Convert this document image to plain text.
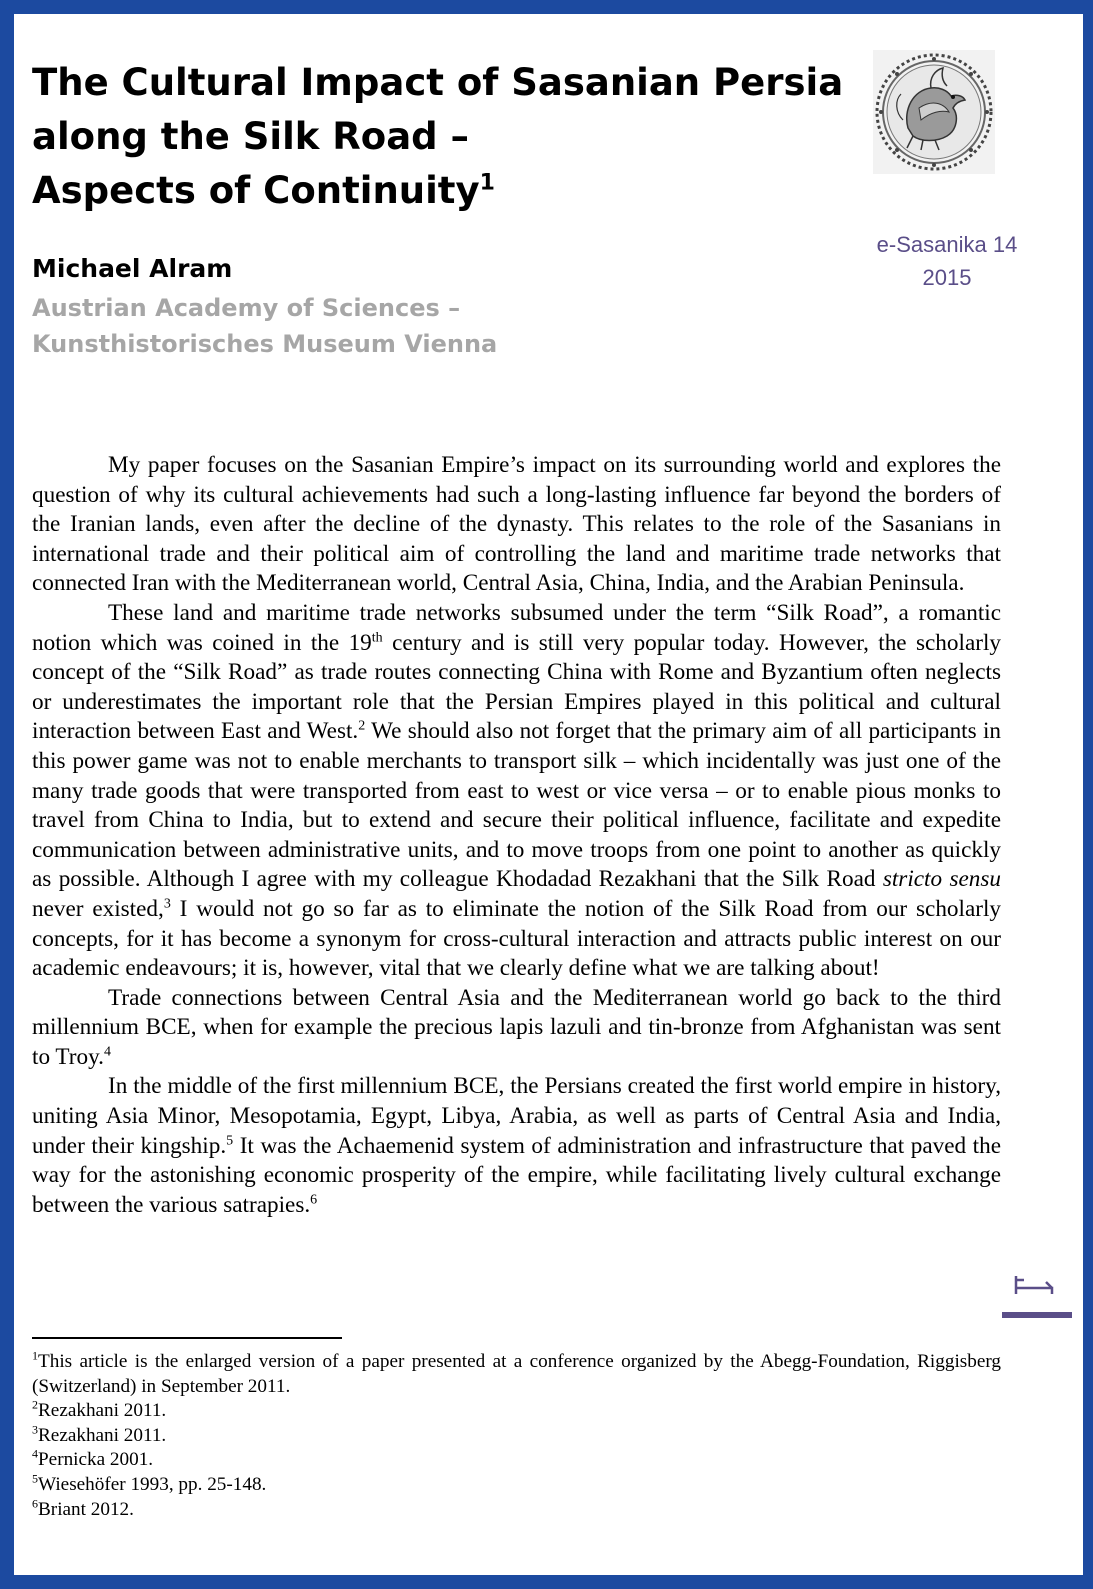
The Cultural Impact of Sasanian Persia
along the Silk Road –
Aspects of Continuity$^1$
e-Sasanika 14
2015
Michael Alram
Austrian Academy of Sciences –
Kunsthistorisches Museum Vienna

My paper focuses on the Sasanian Empire’s impact on its surrounding world and explores the question of why its cultural achievements had such a long-lasting influence far beyond the borders of the Iranian lands, even after the decline of the dynasty. This relates to the role of the Sasanians in international trade and their political aim of controlling the land and maritime trade networks that connected Iran with the Mediterranean world, Central Asia, China, India, and the Arabian Peninsula.

These land and maritime trade networks subsumed under the term “Silk Road”, a romantic notion which was coined in the 19th century and is still very popular today. However, the scholarly concept of the “Silk Road” as trade routes connecting China with Rome and Byzantium often neglects or underestimates the important role that the Persian Empires played in this political and cultural interaction between East and West.$^2$ We should also not forget that the primary aim of all participants in this power game was not to enable merchants to transport silk – which incidentally was just one of the many trade goods that were transported from east to west or vice versa – or to enable pious monks to travel from China to India, but to extend and secure their political influence, facilitate and expedite communication between administrative units, and to move troops from one point to another as quickly as possible. Although I agree with my colleague Khodadad Rezakhani that the Silk Road stricto sensu never existed,$^3$ I would not go so far as to eliminate the notion of the Silk Road from our scholarly concepts, for it has become a synonym for cross-cultural interaction and attracts public interest on our academic endeavours; it is, however, vital that we clearly define what we are talking about!

Trade connections between Central Asia and the Mediterranean world go back to the third millennium BCE, when for example the precious lapis lazuli and tin-bronze from Afghanistan was sent to Troy.$^4$

In the middle of the first millennium BCE, the Persians created the first world empire in history, uniting Asia Minor, Mesopotamia, Egypt, Libya, Arabia, as well as parts of Central Asia and India, under their kingship.$^5$ It was the Achaemenid system of administration and infrastructure that paved the way for the astonishing economic prosperity of the empire, while facilitating lively cultural exchange between the various satrapies.$^6$

$^1$This article is the enlarged version of a paper presented at a conference organized by the Abegg-Foundation, Riggisberg (Switzerland) in September 2011.
$^2$Rezakhani 2011.
$^3$Rezakhani 2011.
$^4$Pernicka 2001.
$^5$Wiesehöfer 1993, pp. 25-148.
$^6$Briant 2012.
